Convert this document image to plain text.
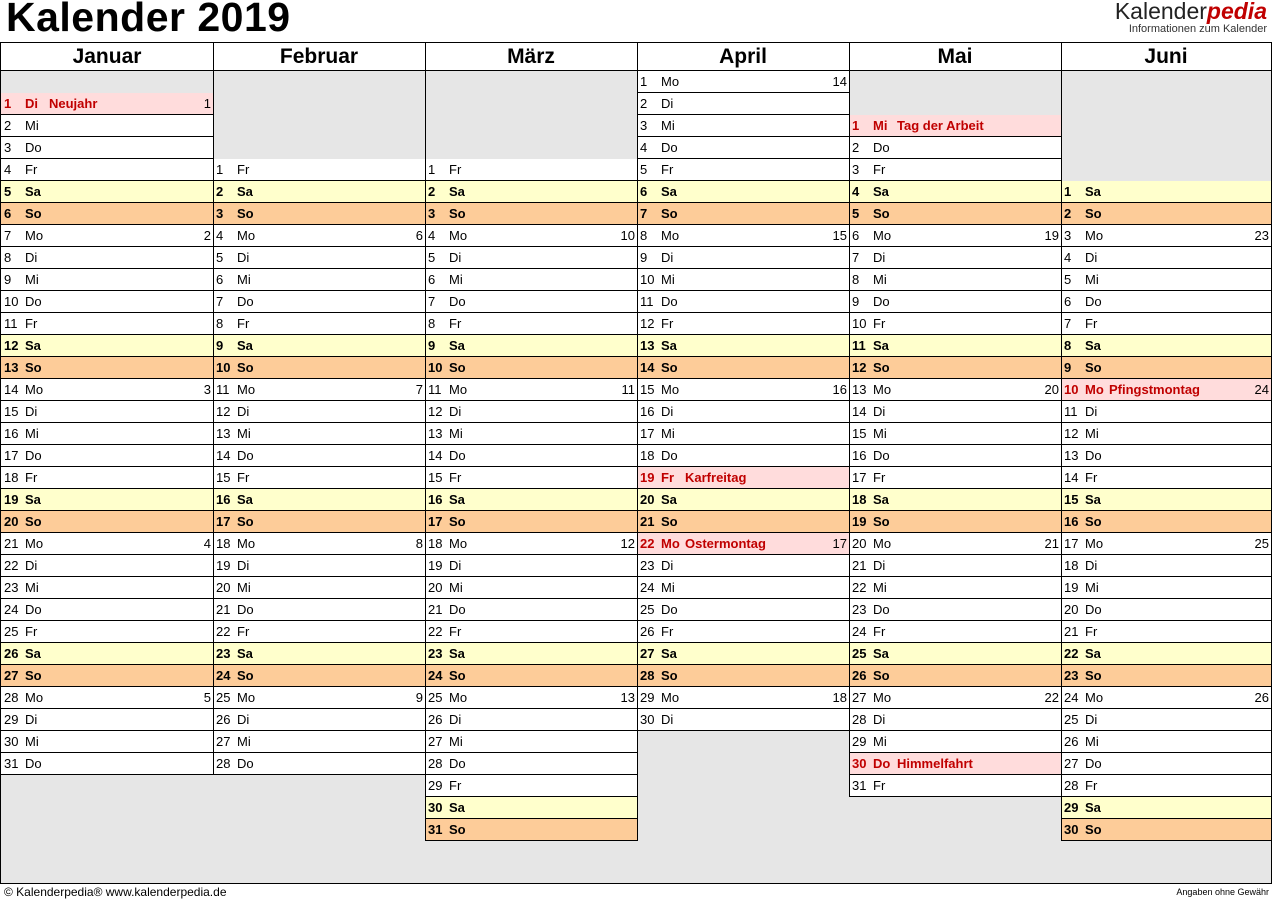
Kalender 2019	Kalenderpedia
Informationen zum Kalender
Januar
1 Di Neujahr	1
2 Mi
3 Do
4 Fr
5 Sa
6 So
7 Mo	2
8 Di
9 Mi
10 Do
11 Fr
12 Sa
13 So
14 Mo	3
15 Di
16 Mi
17 Do
18 Fr
19 Sa
20 So
21 Mo	4
22 Di
23 Mi
24 Do
25 Fr
26 Sa
27 So
28 Mo	5
29 Di
30 Mi
31 Do
Februar
1 Fr
2 Sa
3 So
4 Mo	6
5 Di
6 Mi
7 Do
8 Fr
9 Sa
10 So
11 Mo	7
12 Di
13 Mi
14 Do
15 Fr
16 Sa
17 So
18 Mo	8
19 Di
20 Mi
21 Do
22 Fr
23 Sa
24 So
25 Mo	9
26 Di
27 Mi
28 Do
März
1 Fr
2 Sa
3 So
4 Mo	10
5 Di
6 Mi
7 Do
8 Fr
9 Sa
10 So
11 Mo	11
12 Di
13 Mi
14 Do
15 Fr
16 Sa
17 So
18 Mo	12
19 Di
20 Mi
21 Do
22 Fr
23 Sa
24 So
25 Mo	13
26 Di
27 Mi
28 Do
29 Fr
30 Sa
31 So
April
1 Mo	14
2 Di
3 Mi
4 Do
5 Fr
6 Sa
7 So
8 Mo	15
9 Di
10 Mi
11 Do
12 Fr
13 Sa
14 So
15 Mo	16
16 Di
17 Mi
18 Do
19 Fr Karfreitag
20 Sa
21 So
22 Mo Ostermontag	17
23 Di
24 Mi
25 Do
26 Fr
27 Sa
28 So
29 Mo	18
30 Di
Mai
1 Mi Tag der Arbeit
2 Do
3 Fr
4 Sa
5 So
6 Mo	19
7 Di
8 Mi
9 Do
10 Fr
11 Sa
12 So
13 Mo	20
14 Di
15 Mi
16 Do
17 Fr
18 Sa
19 So
20 Mo	21
21 Di
22 Mi
23 Do
24 Fr
25 Sa
26 So
27 Mo	22
28 Di
29 Mi
30 Do Himmelfahrt
31 Fr
Juni
1 Sa
2 So
3 Mo	23
4 Di
5 Mi
6 Do
7 Fr
8 Sa
9 So
10 Mo Pfingstmontag	24
11 Di
12 Mi
13 Do
14 Fr
15 Sa
16 So
17 Mo	25
18 Di
19 Mi
20 Do
21 Fr
22 Sa
23 So
24 Mo	26
25 Di
26 Mi
27 Do
28 Fr
29 Sa
30 So
© Kalenderpedia® www.kalenderpedia.de	Angaben ohne Gewähr
